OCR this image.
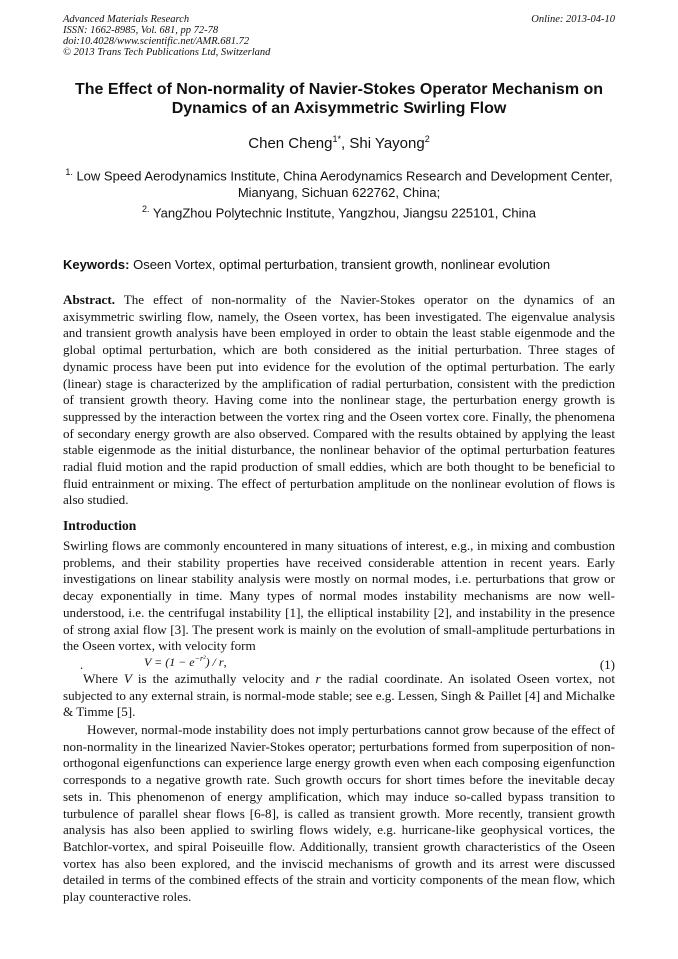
Advanced Materials Research
ISSN: 1662-8985, Vol. 681, pp 72-78
doi:10.4028/www.scientific.net/AMR.681.72
© 2013 Trans Tech Publications Ltd, Switzerland
Online: 2013-04-10
The Effect of Non-normality of Navier-Stokes Operator Mechanism on
Dynamics of an Axisymmetric Swirling Flow
Chen Cheng$^{1*}$, Shi Yayong$^2$
$^{1.}$ Low Speed Aerodynamics Institute, China Aerodynamics Research and Development Center, Mianyang, Sichuan 622762, China;
$^{2.}$ YangZhou Polytechnic Institute, Yangzhou, Jiangsu 225101, China
Keywords: Oseen Vortex, optimal perturbation, transient growth, nonlinear evolution
Abstract. The effect of non-normality of the Navier-Stokes operator on the dynamics of an axisymmetric swirling flow, namely, the Oseen vortex, has been investigated. The eigenvalue analysis and transient growth analysis have been employed in order to obtain the least stable eigenmode and the global optimal perturbation, which are both considered as the initial perturbation. Three stages of dynamic process have been put into evidence for the evolution of the optimal perturbation. The early (linear) stage is characterized by the amplification of radial perturbation, consistent with the prediction of transient growth theory. Having come into the nonlinear stage, the perturbation energy growth is suppressed by the interaction between the vortex ring and the Oseen vortex core. Finally, the phenomena of secondary energy growth are also observed. Compared with the results obtained by applying the least stable eigenmode as the initial disturbance, the nonlinear behavior of the optimal perturbation features radial fluid motion and the rapid production of small eddies, which are both thought to be beneficial to fluid entrainment or mixing. The effect of perturbation amplitude on the nonlinear evolution of flows is also studied.
Introduction
Swirling flows are commonly encountered in many situations of interest, e.g., in mixing and combustion problems, and their stability properties have received considerable attention in recent years. Early investigations on linear stability analysis were mostly on normal modes, i.e. perturbations that grow or decay exponentially in time. Many types of normal modes instability mechanisms are now well-understood, i.e. the centrifugal instability [1], the elliptical instability [2], and instability in the presence of strong axial flow [3]. The present work is mainly on the evolution of small-amplitude perturbations in the Oseen vortex, with velocity form
.	$V = (1 - e^{-r^2}) / r$,	(1)
Where V is the azimuthally velocity and r the radial coordinate. An isolated Oseen vortex, not subjected to any external strain, is normal-mode stable; see e.g. Lessen, Singh & Paillet [4] and Michalke & Timme [5].
However, normal-mode instability does not imply perturbations cannot grow because of the effect of non-normality in the linearized Navier-Stokes operator; perturbations formed from superposition of non-orthogonal eigenfunctions can experience large energy growth even when each composing eigenfunction corresponds to a negative growth rate. Such growth occurs for short times before the inevitable decay sets in. This phenomenon of energy amplification, which may induce so-called bypass transition to turbulence of parallel shear flows [6-8], is called as transient growth. More recently, transient growth analysis has also been applied to swirling flows widely, e.g. hurricane-like geophysical vortices, the Batchlor-vortex, and spiral Poiseuille flow. Additionally, transient growth characteristics of the Oseen vortex has also been explored, and the inviscid mechanisms of growth and its arrest were discussed detailed in terms of the combined effects of the strain and vorticity components of the mean flow, which play counteractive roles.
